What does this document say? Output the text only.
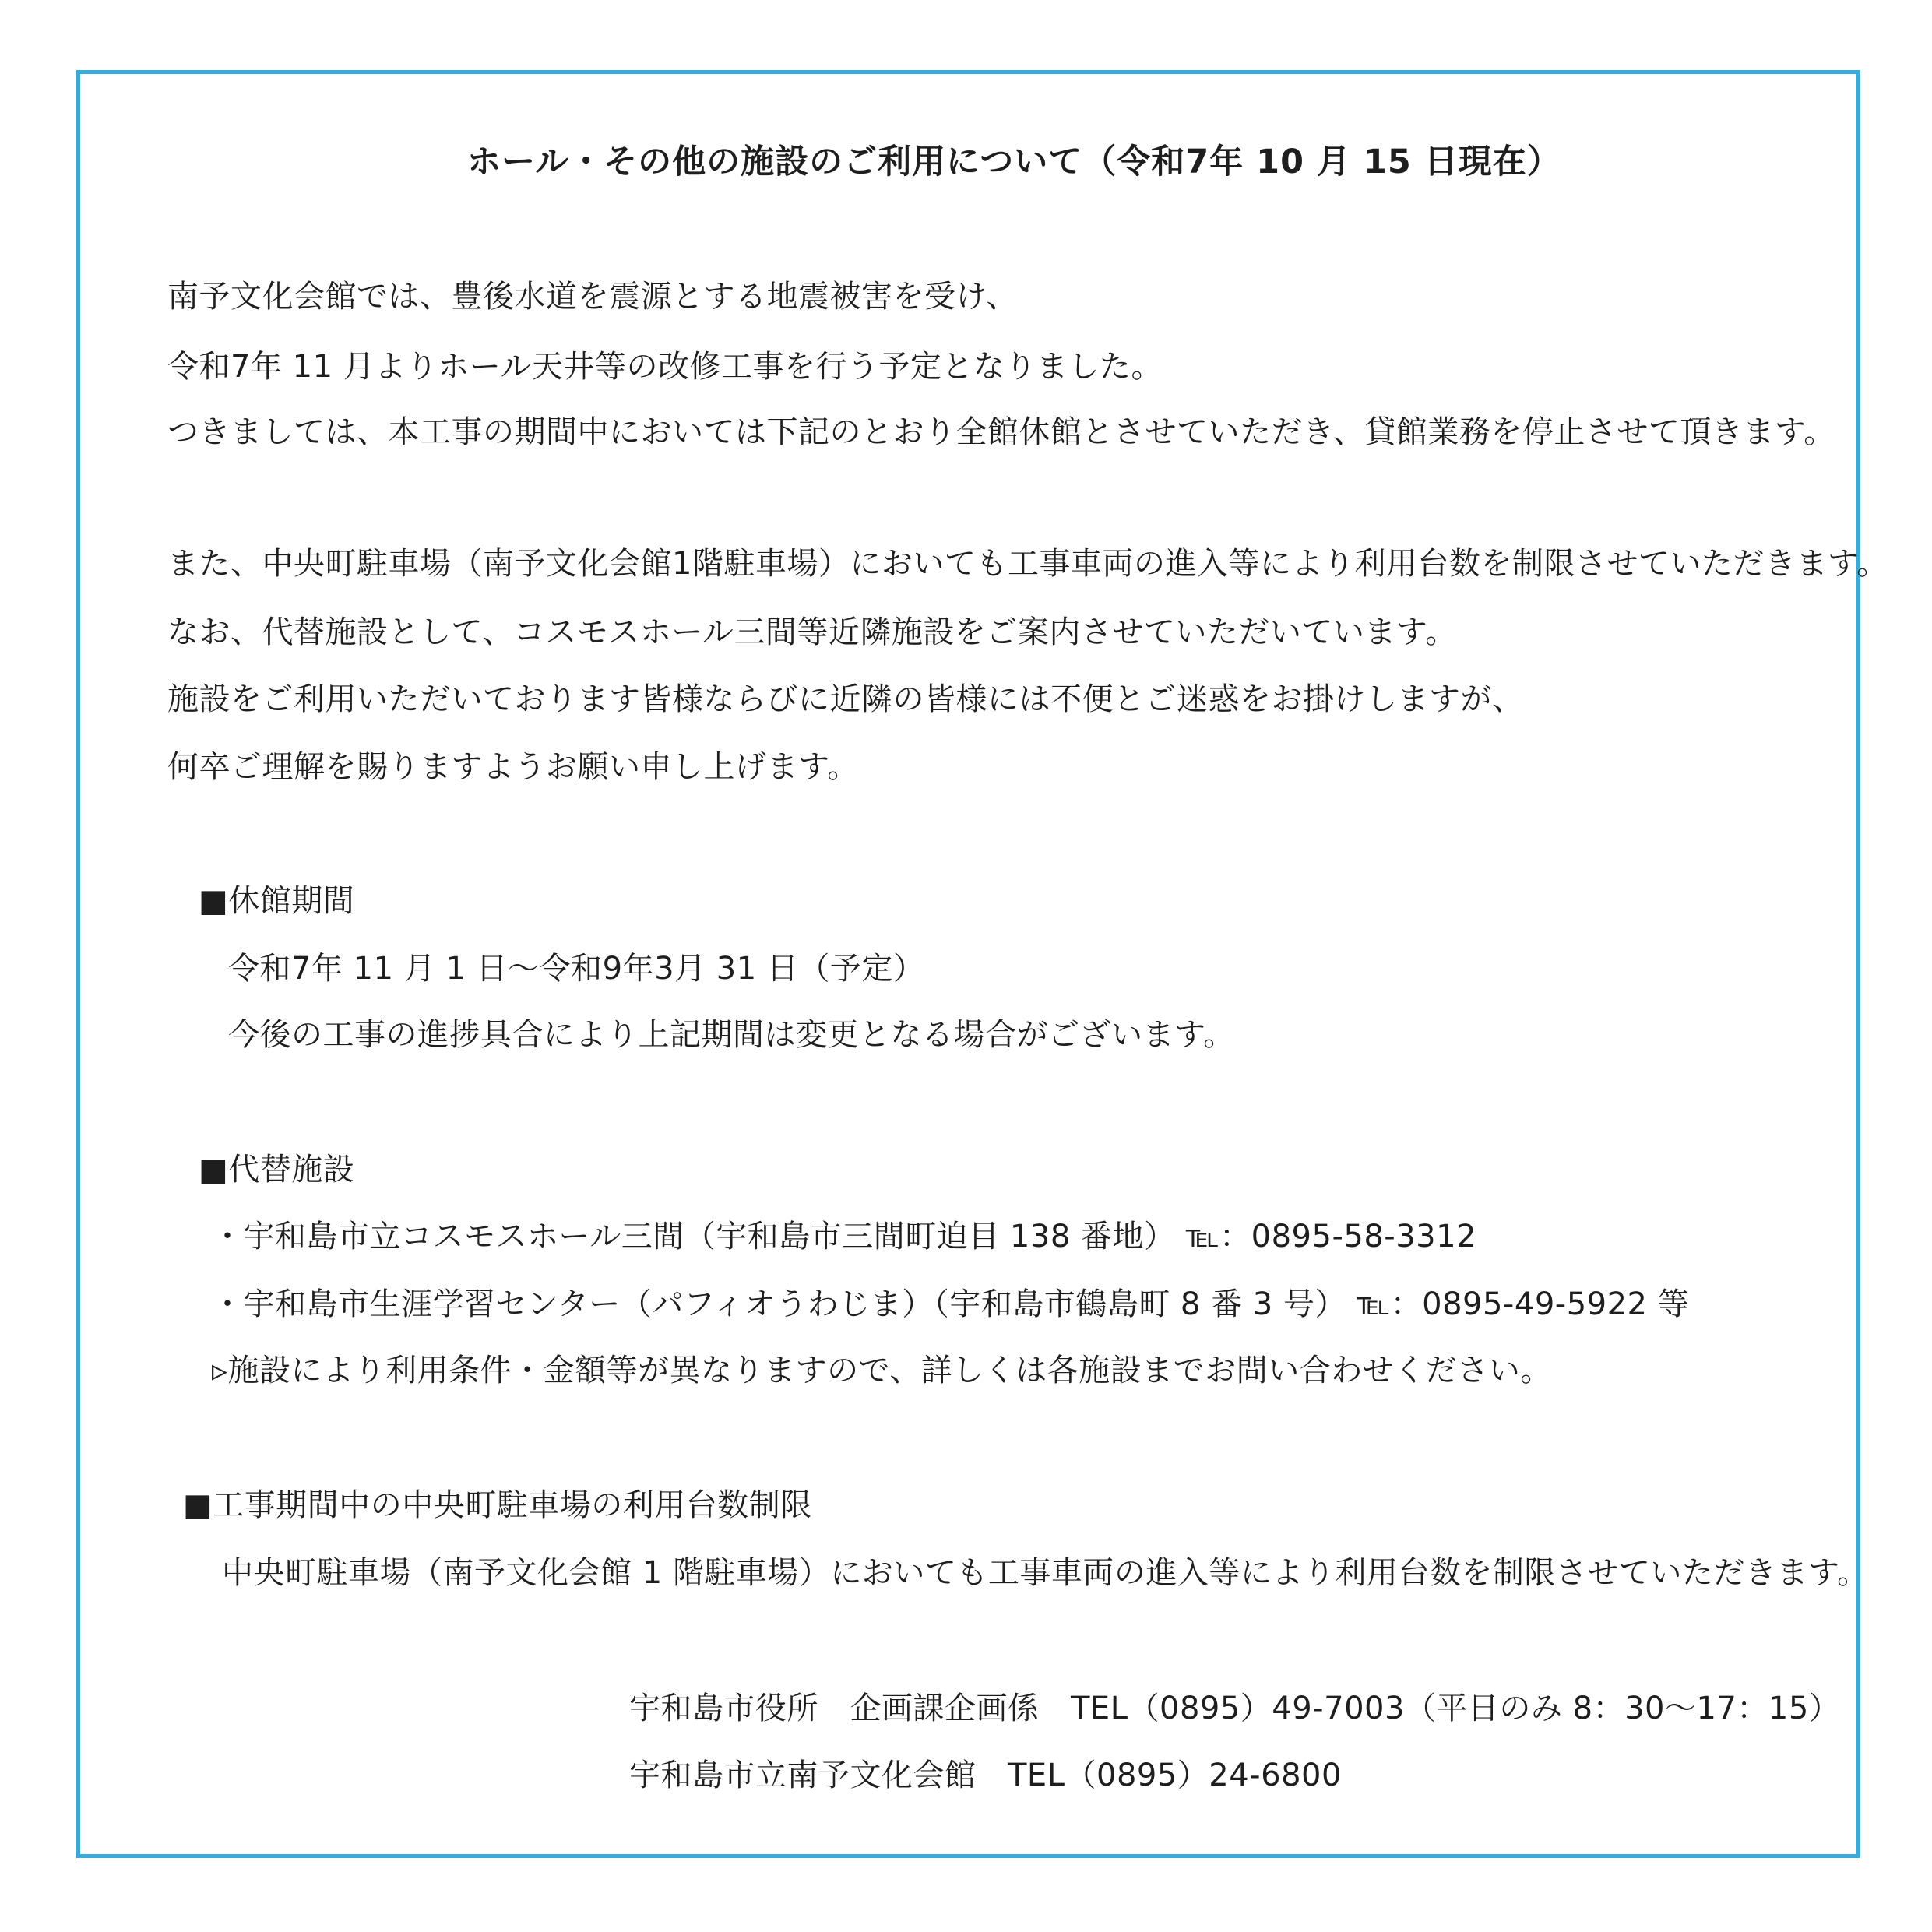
ホール・その他の施設のご利用について（令和7年 10 月 15 日現在）
南予文化会館では、豊後水道を震源とする地震被害を受け、
令和7年 11 月よりホール天井等の改修工事を行う予定となりました。
つきましては、本工事の期間中においては下記のとおり全館休館とさせていただき、貸館業務を停止させて頂きます。
また、中央町駐車場（南予文化会館1階駐車場）においても工事車両の進入等により利用台数を制限させていただきます。
なお、代替施設として、コスモスホール三間等近隣施設をご案内させていただいています。
施設をご利用いただいております皆様ならびに近隣の皆様には不便とご迷惑をお掛けしますが、
何卒ご理解を賜りますようお願い申し上げます。
■休館期間
令和7年 11 月 1 日～令和9年3月 31 日（予定）
今後の工事の進捗具合により上記期間は変更となる場合がございます。
■代替施設
・宇和島市立コスモスホール三間（宇和島市三間町迫目 138 番地） ℡：0895-58-3312
・宇和島市生涯学習センター（パフィオうわじま）（宇和島市鶴島町 8 番 3 号） ℡：0895-49-5922 等
▹施設により利用条件・金額等が異なりますので、詳しくは各施設までお問い合わせください。
■工事期間中の中央町駐車場の利用台数制限
中央町駐車場（南予文化会館 1 階駐車場）においても工事車両の進入等により利用台数を制限させていただきます。
宇和島市役所　企画課企画係　TEL（0895）49-7003（平日のみ 8：30～17：15）
宇和島市立南予文化会館　TEL（0895）24-6800
